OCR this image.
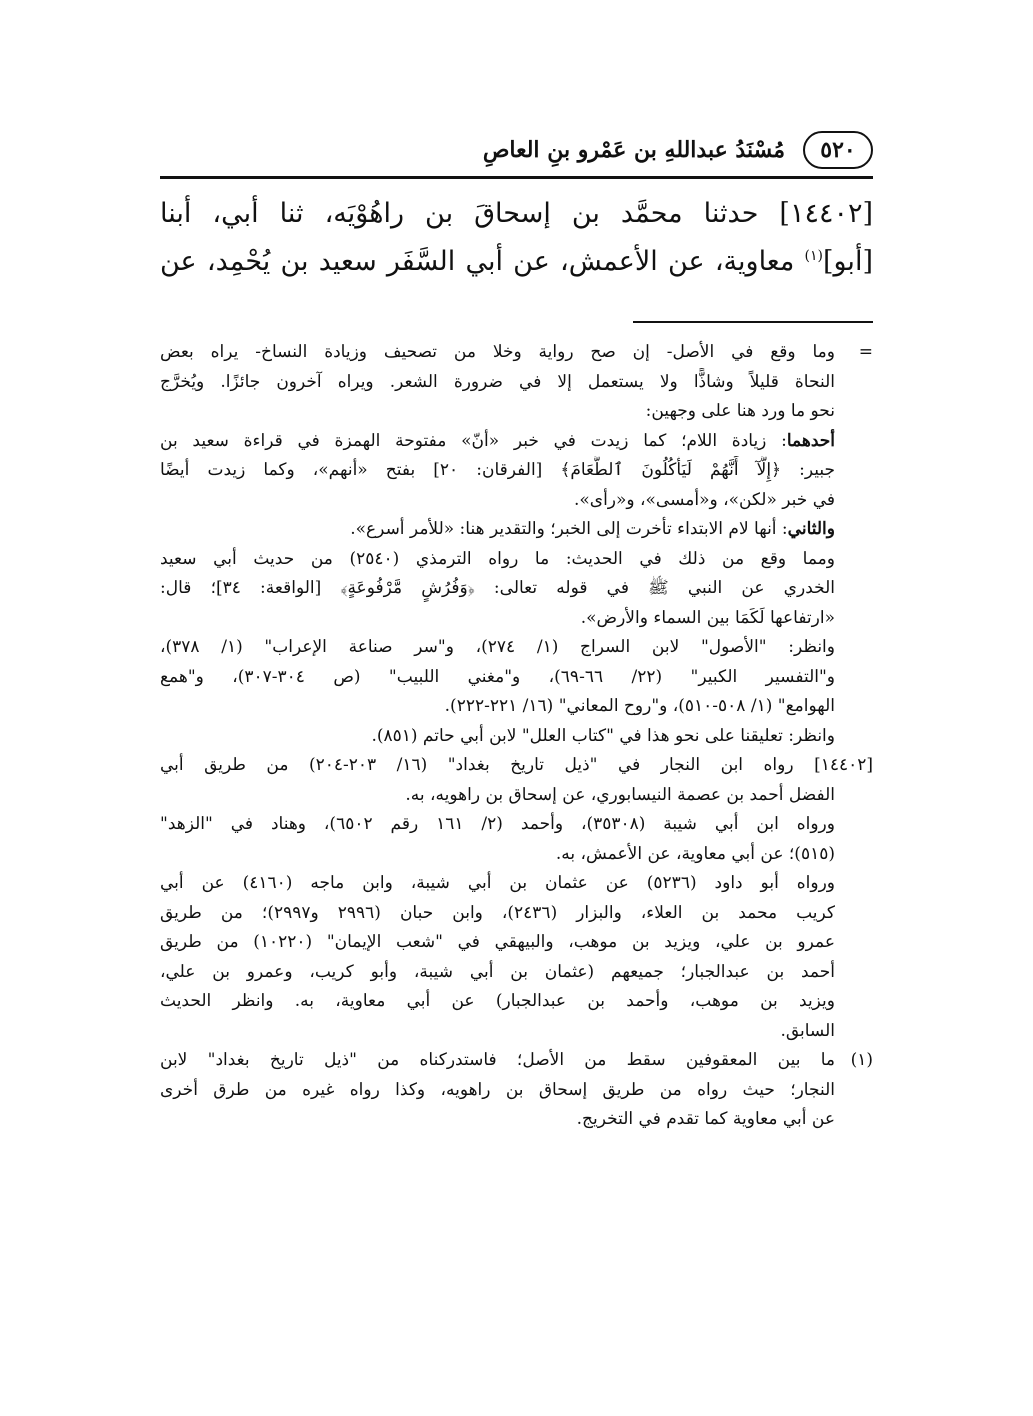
٥٢٠
مُسْنَدُ عبداللهِ بن عَمْرو بنِ العاصِ

[١٤٤٠٢] حدثنا محمَّد بن إسحاقَ بن راهُوْيَه، ثنا أبي، أبنا

[أبو]$^{(١)}$ معاوية، عن الأعمش، عن أبي السَّفَر سعيد بن يُحْمِد، عن

=
وما وقع في الأصل- إن صح رواية وخلا من تصحيف وزيادة النساخ- يراه بعض
النحاة قليلاً وشاذًّا ولا يستعمل إلا في ضرورة الشعر. ويراه آخرون جائزًا. ويُخرَّج
نحو ما ورد هنا على وجهين:
أحدهما: زيادة اللام؛ كما زيدت في خبر «أنّ» مفتوحة الهمزة في قراءة سعيد بن
جبير: ﴿إِلَّآ أَنَّهُمْ لَيَأْكُلُونَ ٱلطَّعَامَ﴾ [الفرقان: ٢٠] بفتح «أنهم»، وكما زيدت أيضًا
في خبر «لكن»، و«أمسى»، و«رأى».
والثاني: أنها لام الابتداء تأخرت إلى الخبر؛ والتقدير هنا: «للأمر أسرع».
ومما وقع من ذلك في الحديث: ما رواه الترمذي (٢٥٤٠) من حديث أبي سعيد
الخدري عن النبي ﷺ في قوله تعالى: ﴿وَفُرُشٍ مَّرْفُوعَةٍ﴾ [الواقعة: ٣٤]؛ قال:
«ارتفاعها لَكَمَا بين السماء والأرض».
وانظر: "الأصول" لابن السراج (١/ ٢٧٤)، و"سر صناعة الإعراب" (١/ ٣٧٨)،
و"التفسير الكبير" (٢٢/ ٦٦-٦٩)، و"مغني اللبيب" (ص ٣٠٤-٣٠٧)، و"همع
الهوامع" (١/ ٥٠٨-٥١٠)، و"روح المعاني" (١٦/ ٢٢١-٢٢٢).
وانظر: تعليقنا على نحو هذا في "كتاب العلل" لابن أبي حاتم (٨٥١).
[١٤٤٠٢] رواه ابن النجار في "ذيل تاريخ بغداد" (١٦/ ٢٠٣-٢٠٤) من طريق أبي
الفضل أحمد بن عصمة النيسابوري، عن إسحاق بن راهويه، به.
ورواه ابن أبي شيبة (٣٥٣٠٨)، وأحمد (٢/ ١٦١ رقم ٦٥٠٢)، وهناد في "الزهد"
(٥١٥)؛ عن أبي معاوية، عن الأعمش، به.
ورواه أبو داود (٥٢٣٦) عن عثمان بن أبي شيبة، وابن ماجه (٤١٦٠) عن أبي
كريب محمد بن العلاء، والبزار (٢٤٣٦)، وابن حبان (٢٩٩٦ و٢٩٩٧)؛ من طريق
عمرو بن علي، ويزيد بن موهب، والبيهقي في "شعب الإيمان" (١٠٢٢٠) من طريق
أحمد بن عبدالجبار؛ جميعهم (عثمان بن أبي شيبة، وأبو كريب، وعمرو بن علي،
ويزيد بن موهب، وأحمد بن عبدالجبار) عن أبي معاوية، به. وانظر الحديث
السابق.
(١)
ما بين المعقوفين سقط من الأصل؛ فاستدركناه من "ذيل تاريخ بغداد" لابن
النجار؛ حيث رواه من طريق إسحاق بن راهويه، وكذا رواه غيره من طرق أخرى
عن أبي معاوية كما تقدم في التخريج.
